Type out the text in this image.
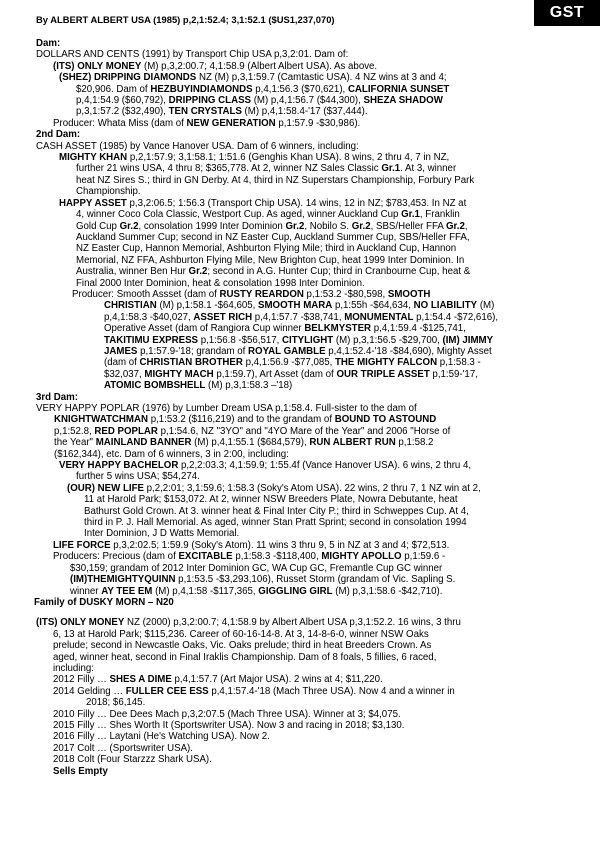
GST
By ALBERT ALBERT USA (1985) p,2,1:52.4; 3,1:52.1 ($US1,237,070)
Dam:
DOLLARS AND CENTS (1991) by Transport Chip USA p,3,2:01. Dam of:
(ITS) ONLY MONEY (M) p,3,2:00.7; 4,1:58.9 (Albert Albert USA). As above.
(SHEZ) DRIPPING DIAMONDS NZ (M) p,3,1:59.7 (Camtastic USA). 4 NZ wins at 3 and 4;
$20,906. Dam of HEZBUYINDIAMONDS p,4,1:56.3 ($70,621), CALIFORNIA SUNSET
p,4,1:54.9 ($60,792), DRIPPING CLASS (M) p,4,1:56.7 ($44,300), SHEZA SHADOW
p,3,1:57.2 ($32,490), TEN CRYSTALS (M) p,4,1:58.4-'17 ($37,444).
Producer: Whata Miss (dam of NEW GENERATION p,1:57.9 -$30,986).
2nd Dam:
CASH ASSET (1985) by Vance Hanover USA. Dam of 6 winners, including:
MIGHTY KHAN p,2,1:57.9; 3,1:58.1; 1:51.6 (Genghis Khan USA). 8 wins, 2 thru 4, 7 in NZ,
further 21 wins USA, 4 thru 8; $365,778. At 2, winner NZ Sales Classic Gr.1. At 3, winner
heat NZ Sires S.; third in GN Derby. At 4, third in NZ Superstars Championship, Forbury Park
Championship.
HAPPY ASSET p,3,2:06.5; 1:56.3 (Transport Chip USA). 14 wins, 12 in NZ; $783,453. In NZ at
4, winner Coco Cola Classic, Westport Cup. As aged, winner Auckland Cup Gr.1, Franklin
Gold Cup Gr.2, consolation 1999 Inter Dominion Gr.2, Nobilo S. Gr.2, SBS/Heller FFA Gr.2,
Auckland Summer Cup; second in NZ Easter Cup, Auckland Summer Cup, SBS/Heller FFA,
NZ Easter Cup, Hannon Memorial, Ashburton Flying Mile; third in Auckland Cup, Hannon
Memorial, NZ FFA, Ashburton Flying Mile, New Brighton Cup, heat 1999 Inter Dominion. In
Australia, winner Ben Hur Gr.2; second in A.G. Hunter Cup; third in Cranbourne Cup, heat &
Final 2000 Inter Dominion, heat & consolation 1998 Inter Dominion.
Producer: Smooth Assset (dam of RUSTY REARDON p,1:53.2 -$80,598, SMOOTH
CHRISTIAN (M) p,1:58.1 -$64,605, SMOOTH MARA p,1:55h -$64,634, NO LIABILITY (M)
p,4,1:58.3 -$40,027, ASSET RICH p,4,1:57.7 -$38,741, MONUMENTAL p,1:54.4 -$72,616),
Operative Asset (dam of Rangiora Cup winner BELKMYSTER p,4,1:59.4 -$125,741,
TAKITIMU EXPRESS p,1:56.8 -$56,517, CITYLIGHT (M) p,3,1:56.5 -$29,700, (IM) JIMMY
JAMES p,1:57.9-'18; grandam of ROYAL GAMBLE p,4,1:52.4-'18 -$84,690), Mighty Asset
(dam of CHRISTIAN BROTHER p,4,1:56.9 -$77,085, THE MIGHTY FALCON p,1:58.3 -
$32,037, MIGHTY MACH p,1:59.7), Art Asset (dam of OUR TRIPLE ASSET p,1:59-'17,
ATOMIC BOMBSHELL (M) p,3,1:58.3 –'18)
3rd Dam:
VERY HAPPY POPLAR (1976) by Lumber Dream USA p,1:58.4. Full-sister to the dam of
KNIGHTWATCHMAN p,1:53.2 ($116,219) and to the grandam of BOUND TO ASTOUND
p,1:52.8, RED POPLAR p,1:54.6, NZ "3YO" and "4YO Mare of the Year" and 2006 "Horse of
the Year" MAINLAND BANNER (M) p,4,1:55.1 ($684,579), RUN ALBERT RUN p,1:58.2
($162,344), etc. Dam of 6 winners, 3 in 2:00, including:
VERY HAPPY BACHELOR p,2,2:03.3; 4,1:59.9; 1:55.4f (Vance Hanover USA). 6 wins, 2 thru 4,
further 5 wins USA; $54,274.
(OUR) NEW LIFE p,2,2:01; 3,1:59.6; 1:58.3 (Soky's Atom USA). 22 wins, 2 thru 7, 1 NZ win at 2,
11 at Harold Park; $153,072. At 2, winner NSW Breeders Plate, Nowra Debutante, heat
Bathurst Gold Crown. At 3. winner heat & Final Inter City P.; third in Schweppes Cup. At 4,
third in P. J. Hall Memorial. As aged, winner Stan Pratt Sprint; second in consolation 1994
Inter Dominion, J D Watts Memorial.
LIFE FORCE p,3,2:02.5; 1:59.9 (Soky's Atom). 11 wins 3 thru 9, 5 in NZ at 3 and 4; $72,513.
Producers: Precious (dam of EXCITABLE p,1:58.3 -$118,400, MIGHTY APOLLO p,1:59.6 -
$30,159; grandam of 2012 Inter Dominion GC, WA Cup GC, Fremantle Cup GC winner
(IM)THEMIGHTYQUINN p,1:53.5 -$3,293,106), Russet Storm (grandam of Vic. Sapling S.
winner AY TEE EM (M) p,4,1:58 -$117,365, GIGGLING GIRL (M) p,3,1:58.6 -$42,710).
Family of DUSKY MORN – N20
(ITS) ONLY MONEY NZ (2000) p,3,2:00.7; 4,1:58.9 by Albert Albert USA p,3,1:52.2. 16 wins, 3 thru
6, 13 at Harold Park; $115,236. Career of 60-16-14-8. At 3, 14-8-6-0, winner NSW Oaks
prelude; second in Newcastle Oaks, Vic. Oaks prelude; third in heat Breeders Crown. As
aged, winner heat, second in Final Iraklis Championship. Dam of 8 foals, 5 fillies, 6 raced,
including:
2012 Filly … SHES A DIME p,4,1:57.7 (Art Major USA). 2 wins at 4; $11,220.
2014 Gelding … FULLER CEE ESS p,4,1:57.4-'18 (Mach Three USA). Now 4 and a winner in
2018; $6,145.
2010 Filly … Dee Dees Mach p,3,2:07.5 (Mach Three USA). Winner at 3; $4,075.
2015 Filly … Shes Worth It (Sportswriter USA). Now 3 and racing in 2018; $3,130.
2016 Filly … Laytani (He's Watching USA). Now 2.
2017 Colt … (Sportswriter USA).
2018 Colt (Four Starzzz Shark USA).
Sells Empty
